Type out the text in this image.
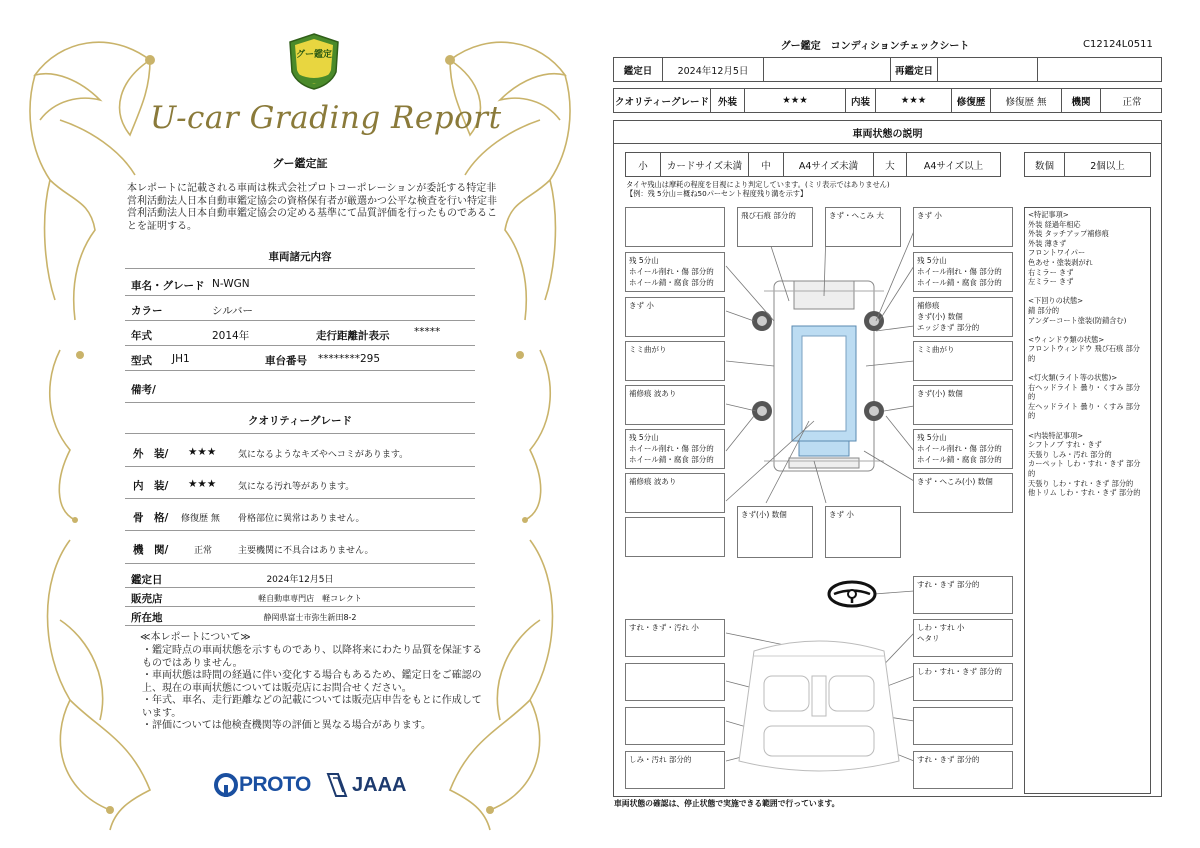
グー鑑定
U-car Grading Report
グー鑑定証
本レポートに記載される車両は株式会社プロトコーポレーションが委託する特定非営利活動法人日本自動車鑑定協会の資格保有者が厳選かつ公平な検査を行い特定非営利活動法人日本自動車鑑定協会の定める基準にて品質評価を行ったものであることを証明する。
車両諸元内容
車名・グレード N-WGN
カラー	シルバー
年式	2014年	走行距離計表示 *****
型式 JH1	車台番号 ********295
備考/
クオリティーグレード
外　装/ ★★★ 気になるようなキズやヘコミがあります。
内　装/ ★★★ 気になる汚れ等があります。
骨　格/ 修復歴 無 骨格部位に異常はありません。
機　関/	正常	主要機関に不具合はありません。
鑑定日	2024年12月5日
販売店	軽自動車専門店　軽コレクト
所在地	静岡県富士市弥生新田8-2
≪本レポートについて≫
・鑑定時点の車両状態を示すものであり、以降将来にわたり品質を保証するものではありません。
・車両状態は時間の経過に伴い変化する場合もあるため、鑑定日をご確認の上、現在の車両状態については販売店にお問合せください。
・年式、車名、走行距離などの記載については販売店申告をもとに作成しています。
・評価については他検査機関等の評価と異なる場合があります。
PROTO JAAA
グー鑑定　コンディションチェックシート	C12124L0511
鑑定日	2024年12月5日	再鑑定日
クオリティーグレード 外装	★★★	内装	★★★	修復歴	修復歴 無	機関	正常
車両状態の説明
小	カードサイズ未満	中	A4サイズ未満	大	A4サイズ以上	数個	2個以上
タイヤ残山は摩耗の程度を目視により判定しています。(ミリ表示ではありません)
【例：残 5分山＝概ね50パーセント程度残り溝を示す】
飛び石痕 部分的	きず・へこみ 大	きず 小
残 5分山
ホイール削れ・傷 部分的
ホイール錆・腐食 部分的
きず 小
ミミ曲がり
補修痕 波あり
残 5分山
ホイール削れ・傷 部分的
ホイール錆・腐食 部分的
補修痕 波あり
残 5分山
ホイール削れ・傷 部分的
ホイール錆・腐食 部分的
補修痕
きず(小) 数個
エッジきず 部分的
ミミ曲がり
きず(小) 数個
残 5分山
ホイール削れ・傷 部分的
ホイール錆・腐食 部分的
きず・へこみ(小) 数個
きず(小) 数個	きず 小
<特記事項>
外装 経過年相応
外装 タッチアップ補修痕
外装 薄きず
フロントワイパー
色あせ・塗装剥がれ
右ミラー きず
左ミラー きず

<下回りの状態>
錆 部分的
アンダーコート塗装(防錆含む)

<ウィンドウ類の状態>
フロントウィンドウ 飛び石痕 部分的

<灯火類(ライト等の状態)>
右ヘッドライト 曇り・くすみ 部分的
左ヘッドライト 曇り・くすみ 部分的

<内装特記事項>
シフトノブ すれ・きず
天張り しみ・汚れ 部分的
カーペット しわ・すれ・きず 部分的
天張り しわ・すれ・きず 部分的
他トリム しわ・すれ・きず 部分的
すれ・きず 部分的
すれ・きず・汚れ 小	しわ・すれ 小
ヘタリ
しわ・すれ・きず 部分的
しみ・汚れ 部分的	すれ・きず 部分的
車両状態の確認は、停止状態で実施できる範囲で行っています。
